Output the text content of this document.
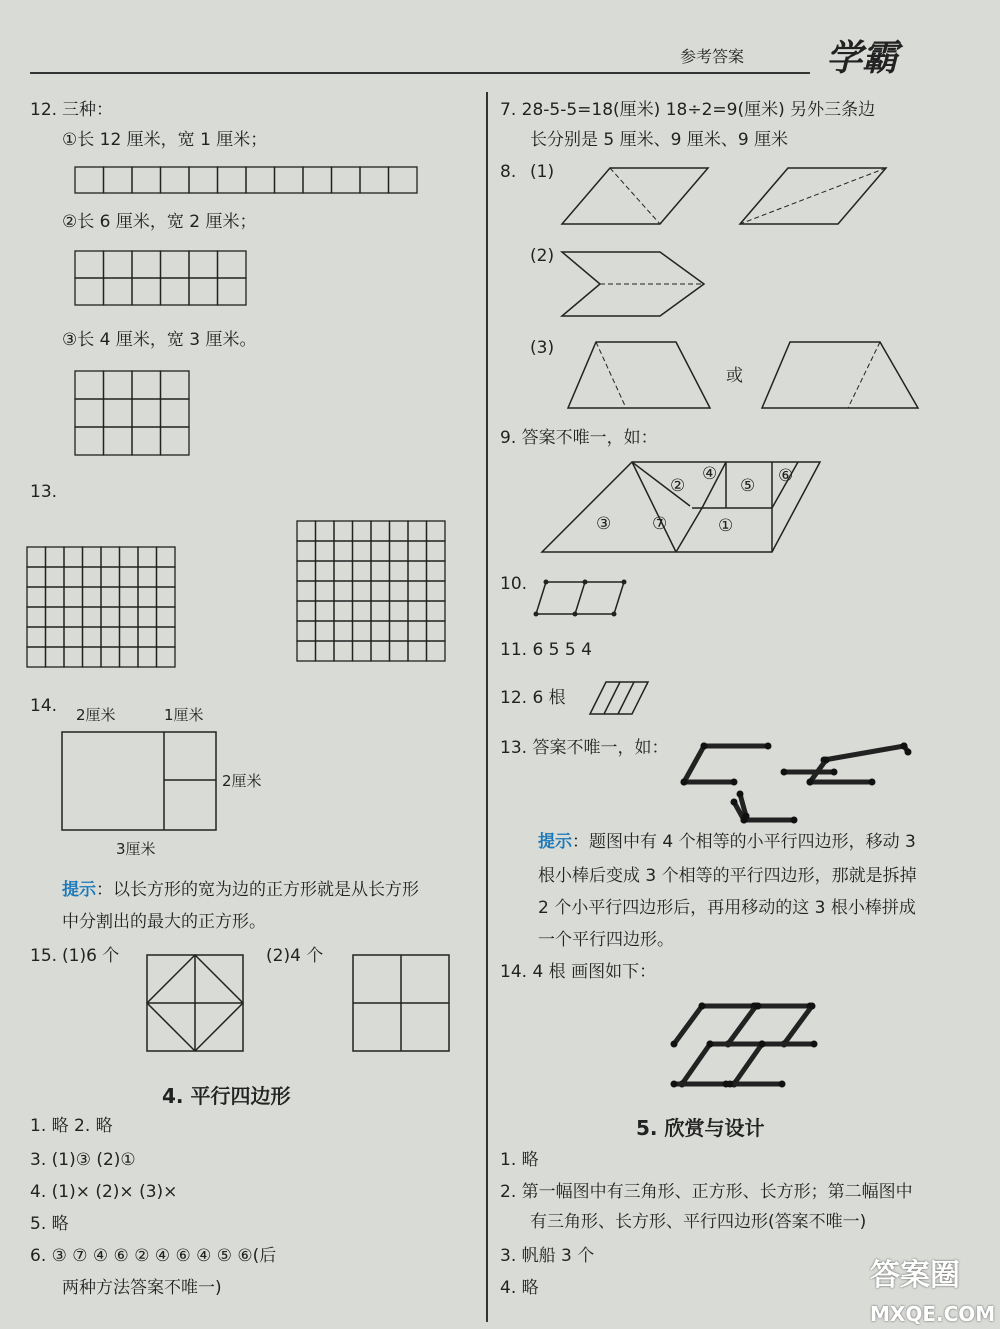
参考答案 学霸
12. 三种：
①长 12 厘米，宽 1 厘米；
②长 6 厘米，宽 2 厘米；
③长 4 厘米，宽 3 厘米。
13.
14. 2厘米	1厘米
2厘米
3厘米
提示：以长方形的宽为边的正方形就是从长方形
中分割出的最大的正方形。
15. (1)6 个	(2)4 个
4. 平行四边形
1. 略 2. 略
3. (1)③ (2)①
4. (1)× (2)× (3)×
5. 略
6. ③ ⑦ ④ ⑥ ② ④ ⑥ ④ ⑤ ⑥(后
两种方法答案不唯一)
7. 28-5-5=18(厘米) 18÷2=9(厘米) 另外三条边
长分别是 5 厘米、9 厘米、9 厘米
8. (1)
(2)
(3)
或
9. 答案不唯一，如：
②
④
⑤ ⑥
③ ⑦	①
10.
11. 6 5 5 4
12. 6 根
13. 答案不唯一，如：
提示：题图中有 4 个相等的小平行四边形，移动 3
根小棒后变成 3 个相等的平行四边形，那就是拆掉
2 个小平行四边形后，再用移动的这 3 根小棒拼成
一个平行四边形。
14. 4 根 画图如下：
5. 欣赏与设计
1. 略
2. 第一幅图中有三角形、正方形、长方形；第二幅图中
有三角形、长方形、平行四边形(答案不唯一)
3. 帆船 3 个
4. 略	答案圈
MXQE.COM
